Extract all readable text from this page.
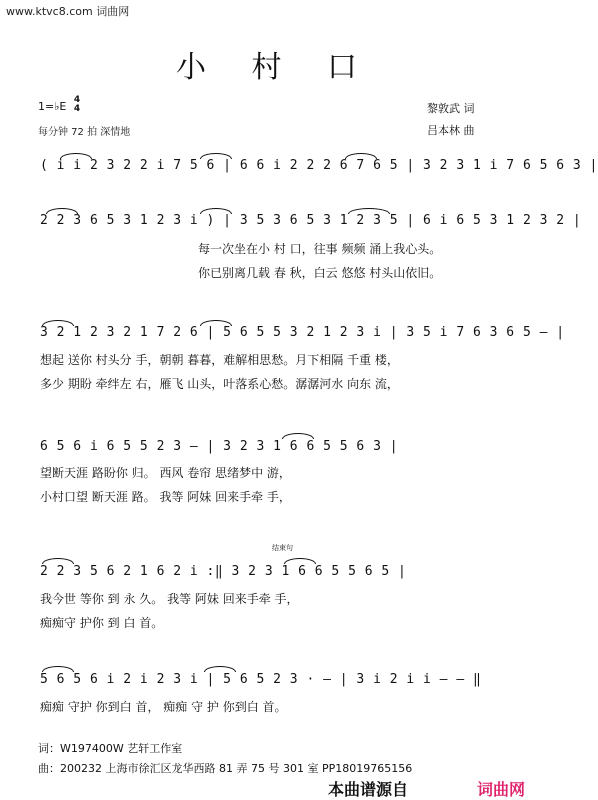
www.ktvc8.com 词曲网
小 村 口
1=♭E 4
4
每分钟 72 拍 深情地
黎敦武 词
吕本林 曲
( i i 2 3 2 2 i 7 5 6 | 6 6 i 2 2 2 6 7 6 5 | 3 2 3 1 i 7 6 5 6 3 |
2 2 3 6 5 3 1 2 3 i ) | 3 5 3 6 5 3 1 2 3 5 | 6 i 6 5 3 1 2 3 2 |
每一次坐在小 村 口，往事 频频 涌上我心头。
你已别离几载 春 秋，白云 悠悠 村头山依旧。
3 2 1 2 3 2 1 7 2 6 | 5 6 5 5 3 2 1 2 3 i | 3 5 i 7 6 3 6 5 – |
想起 送你 村头分 手，朝朝 暮暮，难解相思愁。月下相隔 千重 楼，
多少 期盼 牵绊左 右，雁飞 山头，叶落系心愁。潺潺河水 向东 流，
6 5 6 i 6 5 5 2 3 – | 3 2 3 1 6 6 5 5 6 3 |
望断天涯 路盼你 归。 西风 卷帘 思绪梦中 游，
小村口望 断天涯 路。 我等 阿妹 回来手牵 手，
结束句
2 2 3 5 6 2 1 6 2 i :‖ 3 2 3 1 6 6 5 5 6 5 |
我今世 等你 到 永 久。 我等 阿妹 回来手牵 手，
痴痴守 护你 到 白 首。
5 6 5 6 i 2 i 2 3 i | 5 6 5 2 3 · – | 3 i 2 i i – – ‖
痴痴 守护 你到白 首， 痴痴 守 护 你到白 首。
词：W197400W 艺轩工作室
曲：200232 上海市徐汇区龙华西路 81 弄 75 号 301 室 PP18019765156
本曲谱源自	词曲网
